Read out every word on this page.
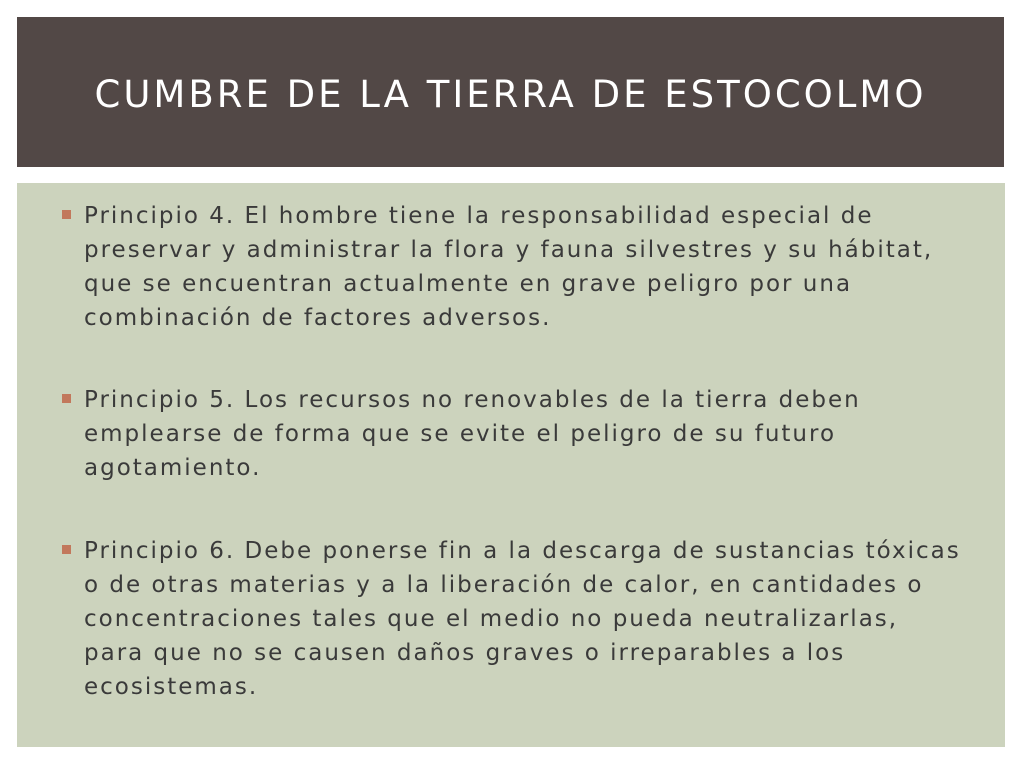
CUMBRE DE LA TIERRA DE ESTOCOLMO

Principio 4. El hombre tiene la responsabilidad especial de preservar y administrar la flora y fauna silvestres y su hábitat, que se encuentran actualmente en grave peligro por una combinación de factores adversos.

Principio 5. Los recursos no renovables de la tierra deben emplearse de forma que se evite el peligro de su futuro agotamiento.

Principio 6. Debe ponerse fin a la descarga de sustancias tóxicas o de otras materias y a la liberación de calor, en cantidades o concentraciones tales que el medio no pueda neutralizarlas, para que no se causen daños graves o irreparables a los ecosistemas.
